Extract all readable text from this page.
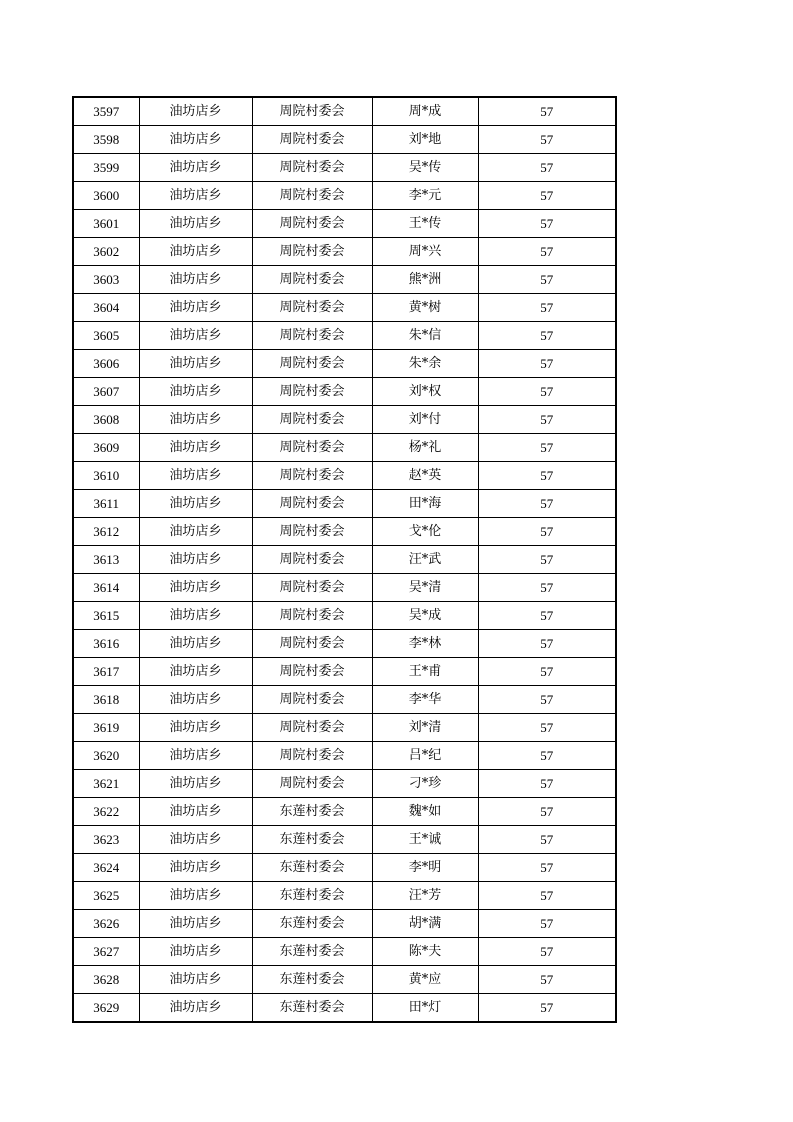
3597	油坊店乡	周院村委会	周*成	57
3598	油坊店乡	周院村委会	刘*地	57
3599	油坊店乡	周院村委会	吴*传	57
3600	油坊店乡	周院村委会	李*元	57
3601	油坊店乡	周院村委会	王*传	57
3602	油坊店乡	周院村委会	周*兴	57
3603	油坊店乡	周院村委会	熊*洲	57
3604	油坊店乡	周院村委会	黄*树	57
3605	油坊店乡	周院村委会	朱*信	57
3606	油坊店乡	周院村委会	朱*余	57
3607	油坊店乡	周院村委会	刘*权	57
3608	油坊店乡	周院村委会	刘*付	57
3609	油坊店乡	周院村委会	杨*礼	57
3610	油坊店乡	周院村委会	赵*英	57
3611	油坊店乡	周院村委会	田*海	57
3612	油坊店乡	周院村委会	戈*伦	57
3613	油坊店乡	周院村委会	汪*武	57
3614	油坊店乡	周院村委会	吴*清	57
3615	油坊店乡	周院村委会	吴*成	57
3616	油坊店乡	周院村委会	李*林	57
3617	油坊店乡	周院村委会	王*甫	57
3618	油坊店乡	周院村委会	李*华	57
3619	油坊店乡	周院村委会	刘*清	57
3620	油坊店乡	周院村委会	吕*纪	57
3621	油坊店乡	周院村委会	刁*珍	57
3622	油坊店乡	东莲村委会	魏*如	57
3623	油坊店乡	东莲村委会	王*诚	57
3624	油坊店乡	东莲村委会	李*明	57
3625	油坊店乡	东莲村委会	汪*芳	57
3626	油坊店乡	东莲村委会	胡*满	57
3627	油坊店乡	东莲村委会	陈*夫	57
3628	油坊店乡	东莲村委会	黄*应	57
3629	油坊店乡	东莲村委会	田*灯	57
